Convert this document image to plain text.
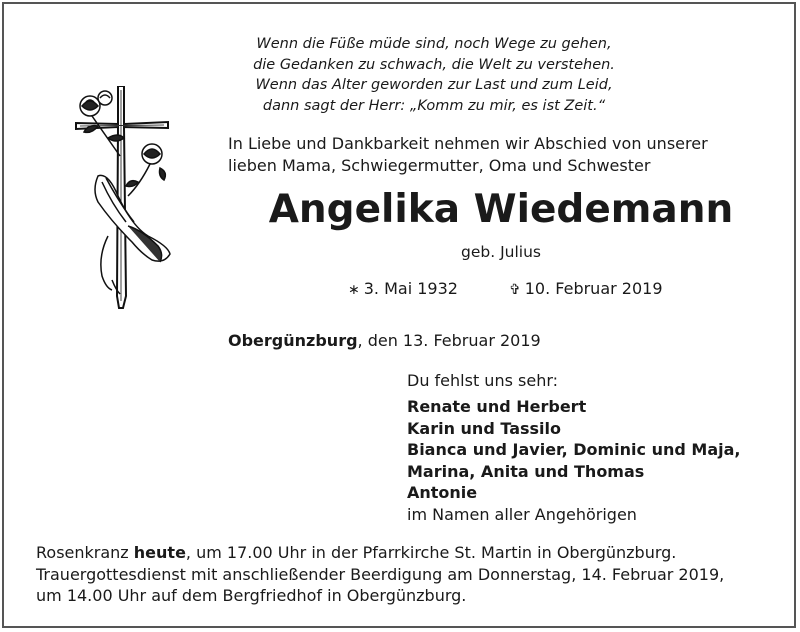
Wenn die Füße müde sind, noch Wege zu gehen,
die Gedanken zu schwach, die Welt zu verstehen.
Wenn das Alter geworden zur Last und zum Leid,
dann sagt der Herr: „Komm zu mir, es ist Zeit.“
In Liebe und Dankbarkeit nehmen wir Abschied von unserer
lieben Mama, Schwiegermutter, Oma und Schwester
Angelika Wiedemann
geb. Julius
∗ 3. Mai 1932	✞ 10. Februar 2019
Obergünzburg, den 13. Februar 2019
Du fehlst uns sehr:
Renate und Herbert
Karin und Tassilo
Bianca und Javier, Dominic und Maja,
Marina, Anita und Thomas
Antonie
im Namen aller Angehörigen
Rosenkranz heute, um 17.00 Uhr in der Pfarrkirche St. Martin in Obergünzburg.
Trauergottesdienst mit anschließender Beerdigung am Donnerstag, 14. Februar 2019,
um 14.00 Uhr auf dem Bergfriedhof in Obergünzburg.
